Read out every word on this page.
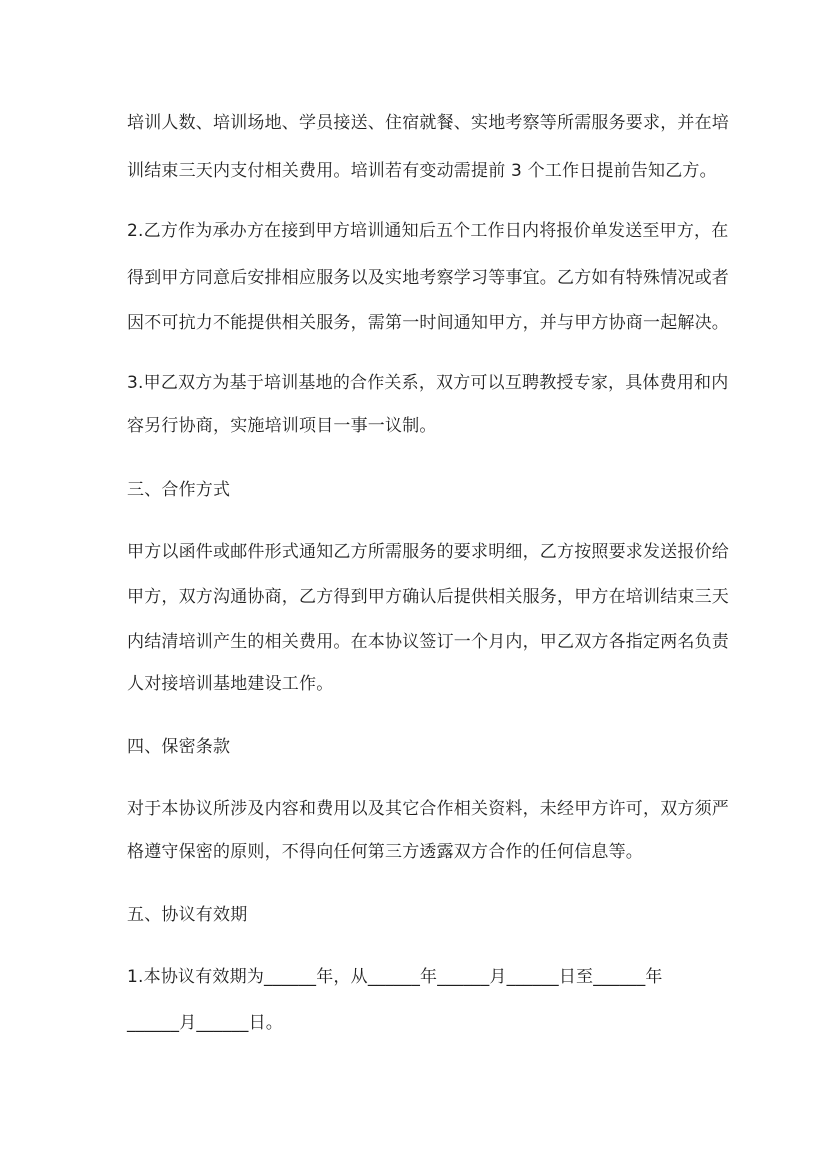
培训人数、培训场地、学员接送、住宿就餐、实地考察等所需服务要求，并在培
训结束三天内支付相关费用。培训若有变动需提前 3 个工作日提前告知乙方。
2.乙方作为承办方在接到甲方培训通知后五个工作日内将报价单发送至甲方，在
得到甲方同意后安排相应服务以及实地考察学习等事宜。乙方如有特殊情况或者
因不可抗力不能提供相关服务，需第一时间通知甲方，并与甲方协商一起解决。
3.甲乙双方为基于培训基地的合作关系，双方可以互聘教授专家，具体费用和内
容另行协商，实施培训项目一事一议制。
三、合作方式
甲方以函件或邮件形式通知乙方所需服务的要求明细，乙方按照要求发送报价给
甲方，双方沟通协商，乙方得到甲方确认后提供相关服务，甲方在培训结束三天
内结清培训产生的相关费用。在本协议签订一个月内，甲乙双方各指定两名负责
人对接培训基地建设工作。
四、保密条款
对于本协议所涉及内容和费用以及其它合作相关资料，未经甲方许可，双方须严
格遵守保密的原则，不得向任何第三方透露双方合作的任何信息等。
五、协议有效期
1.本协议有效期为______年，从______年______月______日至______年
______月______日。
